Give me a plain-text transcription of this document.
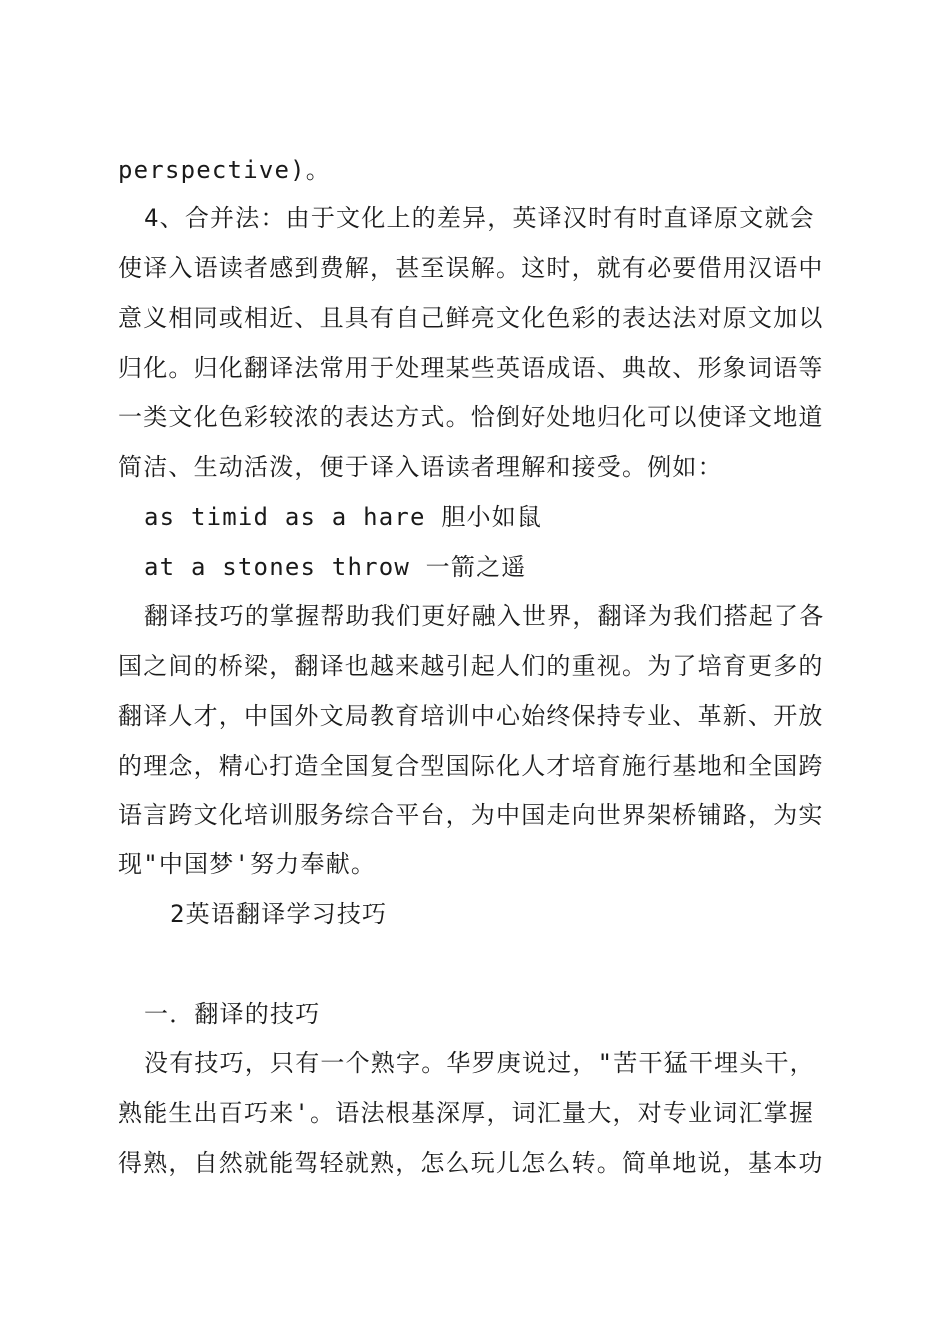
perspective)。
4、合并法：由于文化上的差异，英译汉时有时直译原文就会
使译入语读者感到费解，甚至误解。这时，就有必要借用汉语中
意义相同或相近、且具有自己鲜亮文化色彩的表达法对原文加以
归化。归化翻译法常用于处理某些英语成语、典故、形象词语等
一类文化色彩较浓的表达方式。恰倒好处地归化可以使译文地道
简洁、生动活泼，便于译入语读者理解和接受。例如：
as timid as a hare 胆小如鼠
at a stones throw 一箭之遥
翻译技巧的掌握帮助我们更好融入世界，翻译为我们搭起了各
国之间的桥梁，翻译也越来越引起人们的重视。为了培育更多的
翻译人才，中国外文局教育培训中心始终保持专业、革新、开放
的理念，精心打造全国复合型国际化人才培育施行基地和全国跨
语言跨文化培训服务综合平台，为中国走向世界架桥铺路，为实
现"中国梦'努力奉献。
2英语翻译学习技巧
一．翻译的技巧
没有技巧，只有一个熟字。华罗庚说过，"苦干猛干埋头干，
熟能生出百巧来'。语法根基深厚，词汇量大，对专业词汇掌握
得熟，自然就能驾轻就熟，怎么玩儿怎么转。简单地说，基本功
